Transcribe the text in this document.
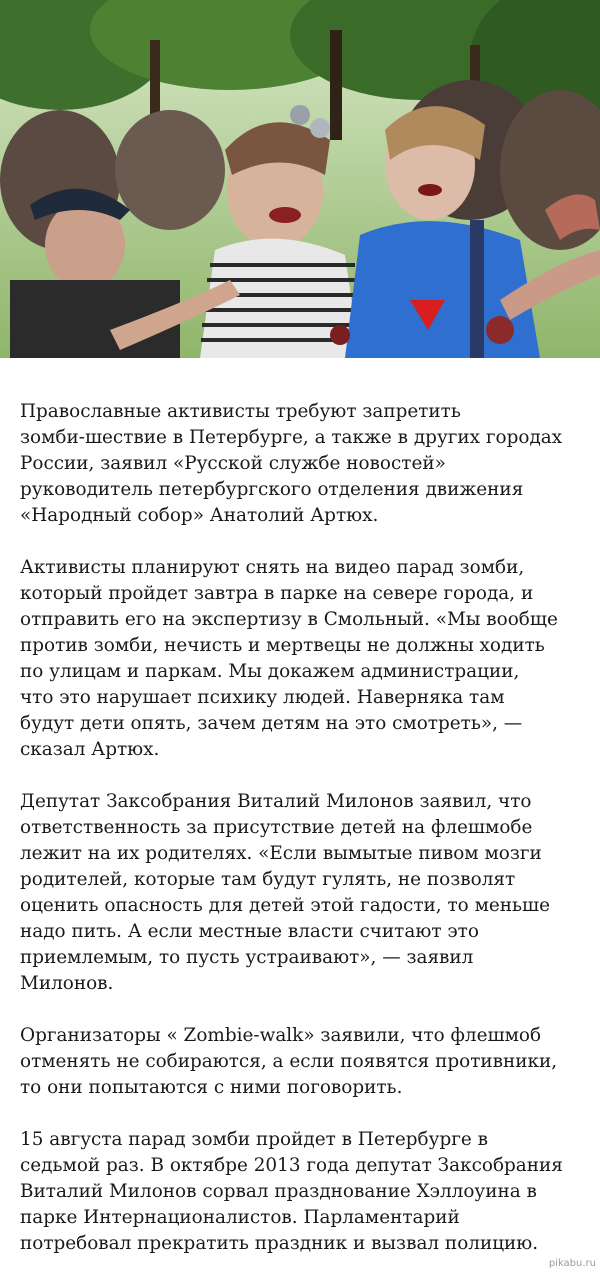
Православные активисты требуют запретить
зомби-шествие в Петербурге, а также в других городах
России, заявил «Русской службе новостей»
руководитель петербургского отделения движения
«Народный собор» Анатолий Артюх.

Активисты планируют снять на видео парад зомби,
который пройдет завтра в парке на севере города, и
отправить его на экспертизу в Смольный. «Мы вообще
против зомби, нечисть и мертвецы не должны ходить
по улицам и паркам. Мы докажем администрации,
что это нарушает психику людей. Наверняка там
будут дети опять, зачем детям на это смотреть», —
сказал Артюх.

Депутат Заксобрания Виталий Милонов заявил, что
ответственность за присутствие детей на флешмобе
лежит на их родителях. «Если вымытые пивом мозги
родителей, которые там будут гулять, не позволят
оценить опасность для детей этой гадости, то меньше
надо пить. А если местные власти считают это
приемлемым, то пусть устраивают», — заявил
Милонов.

Организаторы « Zombie-walk» заявили, что флешмоб
отменять не собираются, а если появятся противники,
то они попытаются с ними поговорить.

15 августа парад зомби пройдет в Петербурге в
седьмой раз. В октябре 2013 года депутат Заксобрания
Виталий Милонов сорвал празднование Хэллоуина в
парке Интернационалистов. Парламентарий
потребовал прекратить праздник и вызвал полицию.

pikabu.ru
